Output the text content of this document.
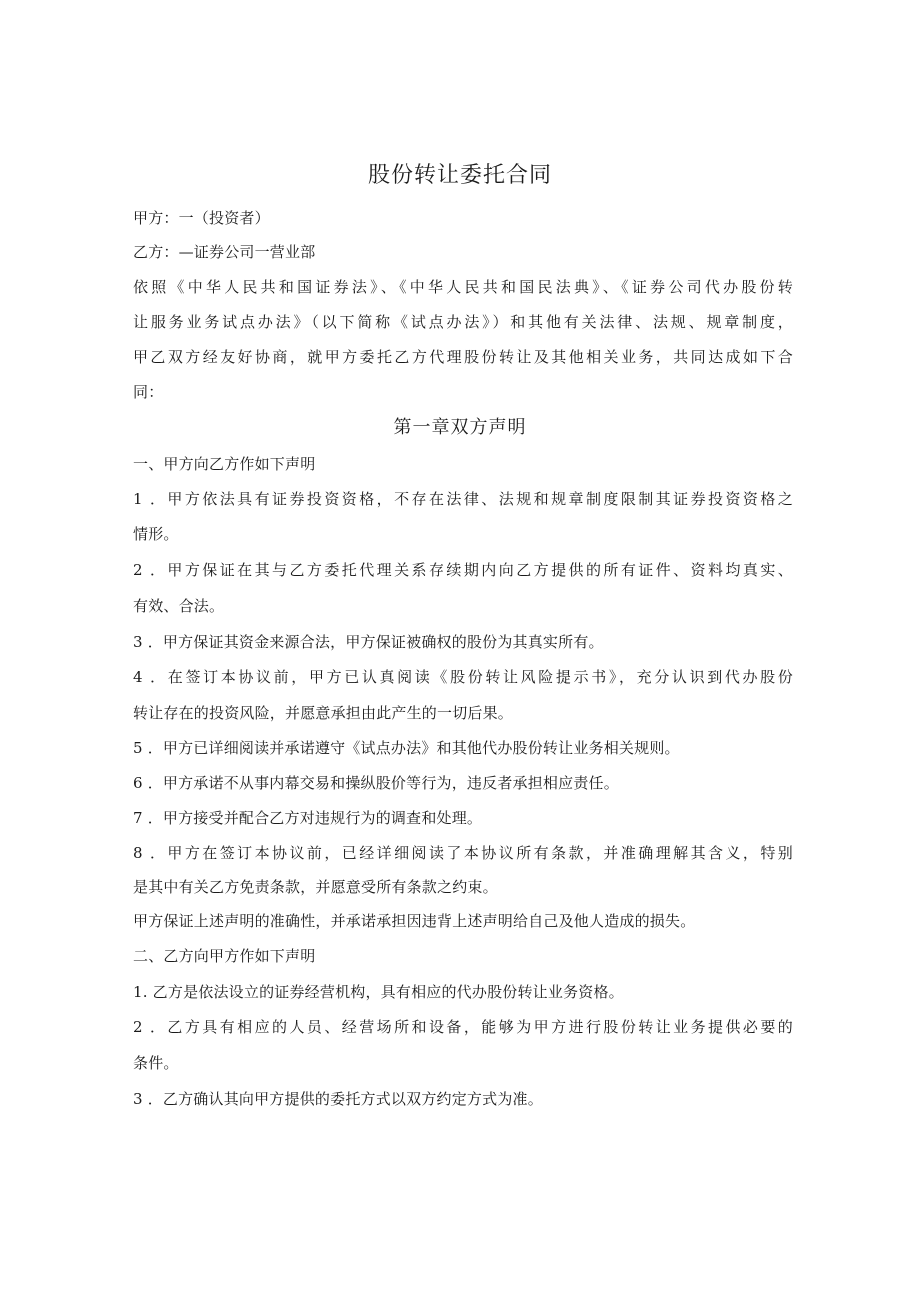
股份转让委托合同
甲方：一（投资者）
乙方：—证券公司一营业部
依照《中华人民共和国证券法》、《中华人民共和国民法典》、《证券公司代办股份转
让服务业务试点办法》（以下简称《试点办法》）和其他有关法律、法规、规章制度，
甲乙双方经友好协商，就甲方委托乙方代理股份转让及其他相关业务，共同达成如下合
同：
第一章双方声明
一、甲方向乙方作如下声明
1 ．甲方依法具有证券投资资格，不存在法律、法规和规章制度限制其证券投资资格之
情形。
2 ．甲方保证在其与乙方委托代理关系存续期内向乙方提供的所有证件、资料均真实、
有效、合法。
3 ．甲方保证其资金来源合法，甲方保证被确权的股份为其真实所有。
4 ．在签订本协议前，甲方已认真阅读《股份转让风险提示书》，充分认识到代办股份
转让存在的投资风险，并愿意承担由此产生的一切后果。
5 ．甲方已详细阅读并承诺遵守《试点办法》和其他代办股份转让业务相关规则。
6 ．甲方承诺不从事内幕交易和操纵股价等行为，违反者承担相应责任。
7 ．甲方接受并配合乙方对违规行为的调查和处理。
8 ．甲方在签订本协议前，已经详细阅读了本协议所有条款，并准确理解其含义，特别
是其中有关乙方免责条款，并愿意受所有条款之约束。
甲方保证上述声明的准确性，并承诺承担因违背上述声明给自己及他人造成的损失。
二、乙方向甲方作如下声明
1. 乙方是依法设立的证券经营机构，具有相应的代办股份转让业务资格。
2 ．乙方具有相应的人员、经营场所和设备，能够为甲方进行股份转让业务提供必要的
条件。
3 ．乙方确认其向甲方提供的委托方式以双方约定方式为准。
